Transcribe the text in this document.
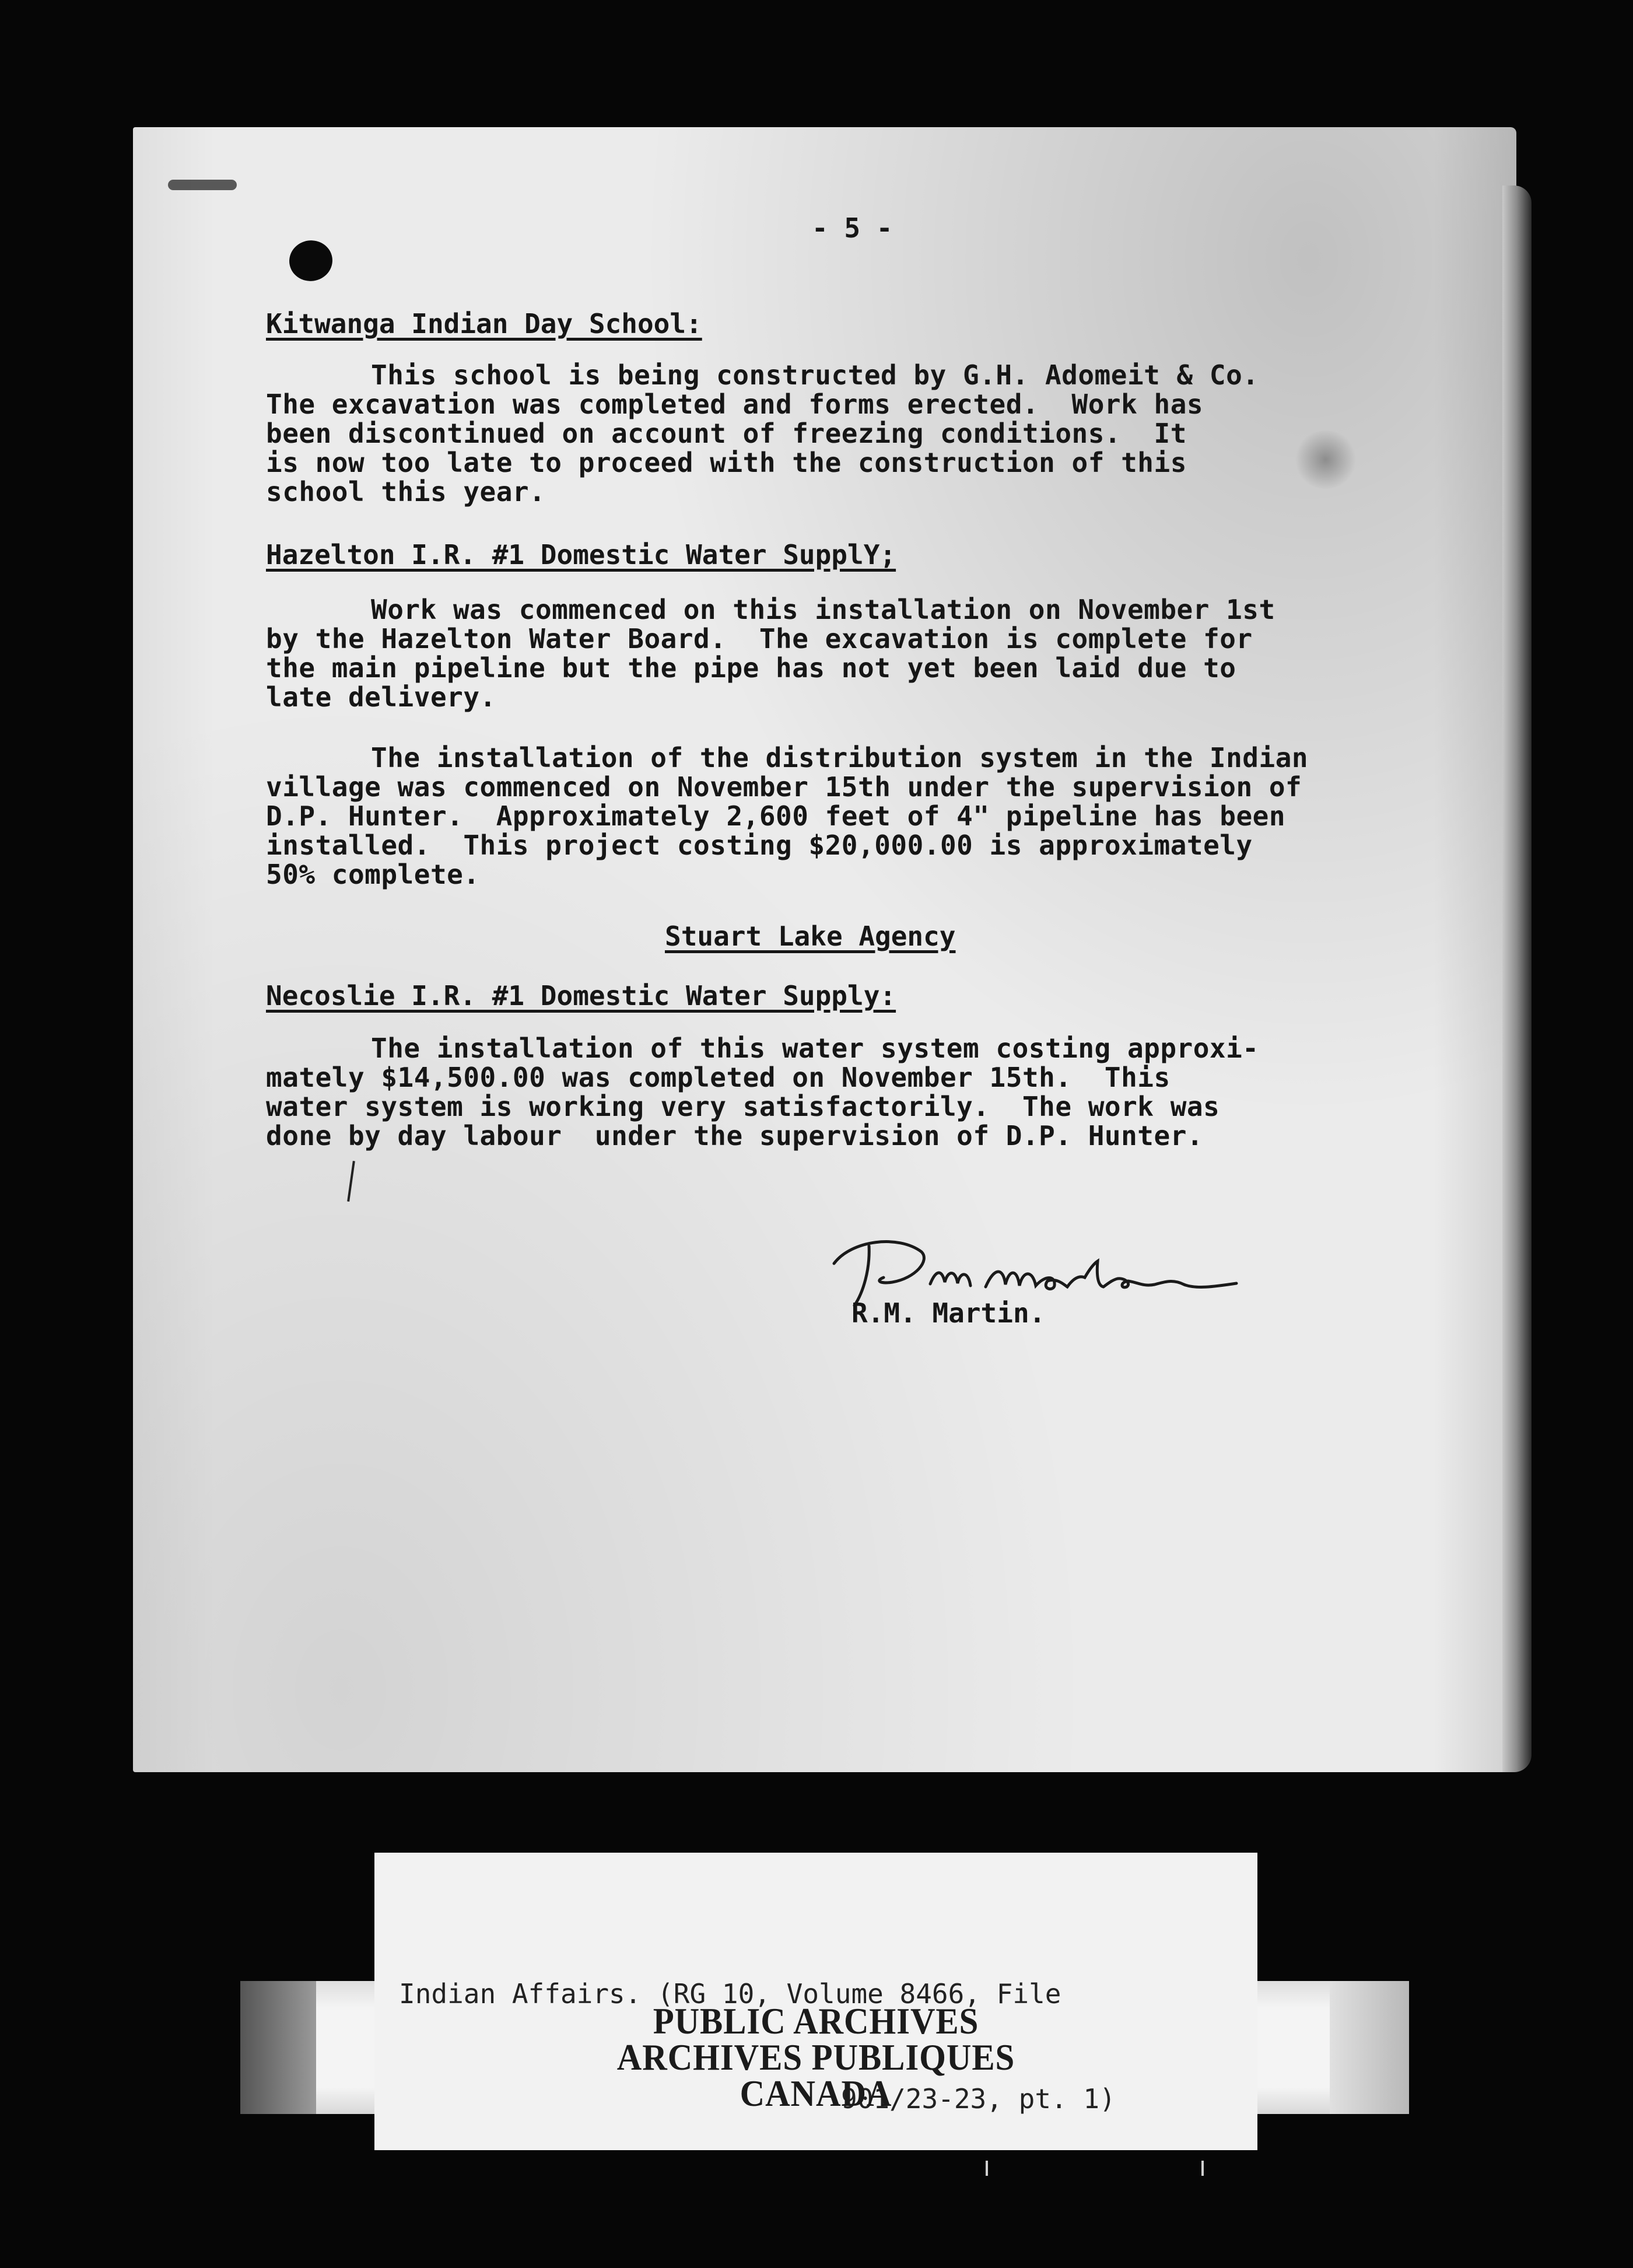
- 5 -
Kitwanga Indian Day School:
This school is being constructed by G.H. Adomeit & Co.
The excavation was completed and forms erected.  Work has
been discontinued on account of freezing conditions.  It
is now too late to proceed with the construction of this
school this year.
Hazelton I.R. #1 Domestic Water SupplY;
Work was commenced on this installation on November 1st
by the Hazelton Water Board.  The excavation is complete for
the main pipeline but the pipe has not yet been laid due to
late delivery.
The installation of the distribution system in the Indian
village was commenced on November 15th under the supervision of
D.P. Hunter.  Approximately 2,600 feet of 4" pipeline has been
installed.  This project costing $20,000.00 is approximately
50% complete.
Stuart Lake Agency
Necoslie I.R. #1 Domestic Water Supply:
The installation of this water system costing approxi-
mately $14,500.00 was completed on November 15th.  This
water system is working very satisfactorily.  The work was
done by day labour  under the supervision of D.P. Hunter.
R.M. Martin.

Indian Affairs. (RG 10, Volume 8466, File

901/23-23, pt. 1)

PUBLIC ARCHIVES
ARCHIVES PUBLIQUES
CANADA
